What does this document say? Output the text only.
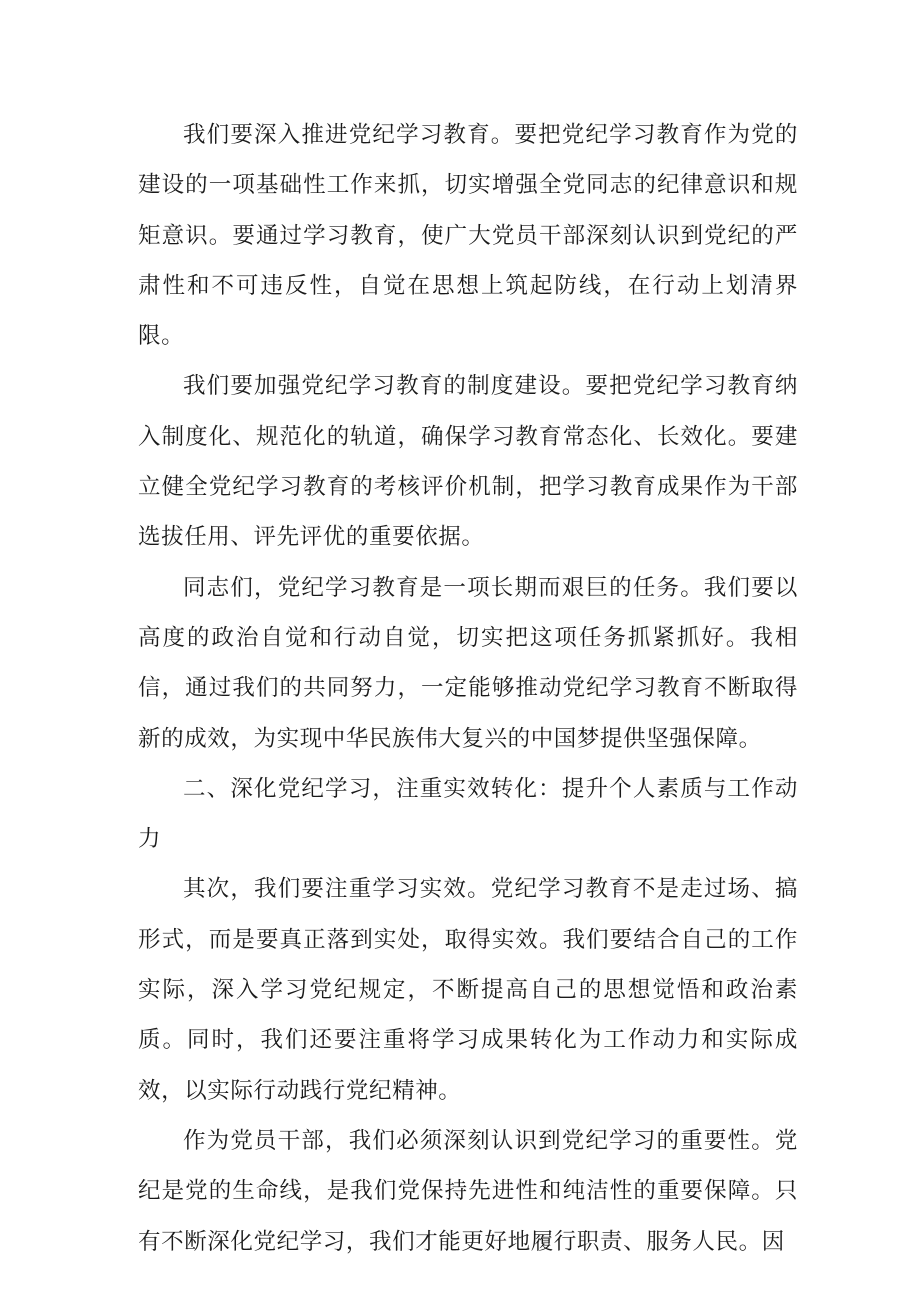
我们要深入推进党纪学习教育。要把党纪学习教育作为党的建设的一项基础性工作来抓，切实增强全党同志的纪律意识和规矩意识。要通过学习教育，使广大党员干部深刻认识到党纪的严肃性和不可违反性，自觉在思想上筑起防线，在行动上划清界限。

我们要加强党纪学习教育的制度建设。要把党纪学习教育纳入制度化、规范化的轨道，确保学习教育常态化、长效化。要建立健全党纪学习教育的考核评价机制，把学习教育成果作为干部选拔任用、评先评优的重要依据。

同志们，党纪学习教育是一项长期而艰巨的任务。我们要以高度的政治自觉和行动自觉，切实把这项任务抓紧抓好。我相信，通过我们的共同努力，一定能够推动党纪学习教育不断取得新的成效，为实现中华民族伟大复兴的中国梦提供坚强保障。

二、深化党纪学习，注重实效转化：提升个人素质与工作动力

其次，我们要注重学习实效。党纪学习教育不是走过场、搞形式，而是要真正落到实处，取得实效。我们要结合自己的工作实际，深入学习党纪规定，不断提高自己的思想觉悟和政治素质。同时，我们还要注重将学习成果转化为工作动力和实际成效，以实际行动践行党纪精神。

作为党员干部，我们必须深刻认识到党纪学习的重要性。党纪是党的生命线，是我们党保持先进性和纯洁性的重要保障。只有不断深化党纪学习，我们才能更好地履行职责、服务人民。因
